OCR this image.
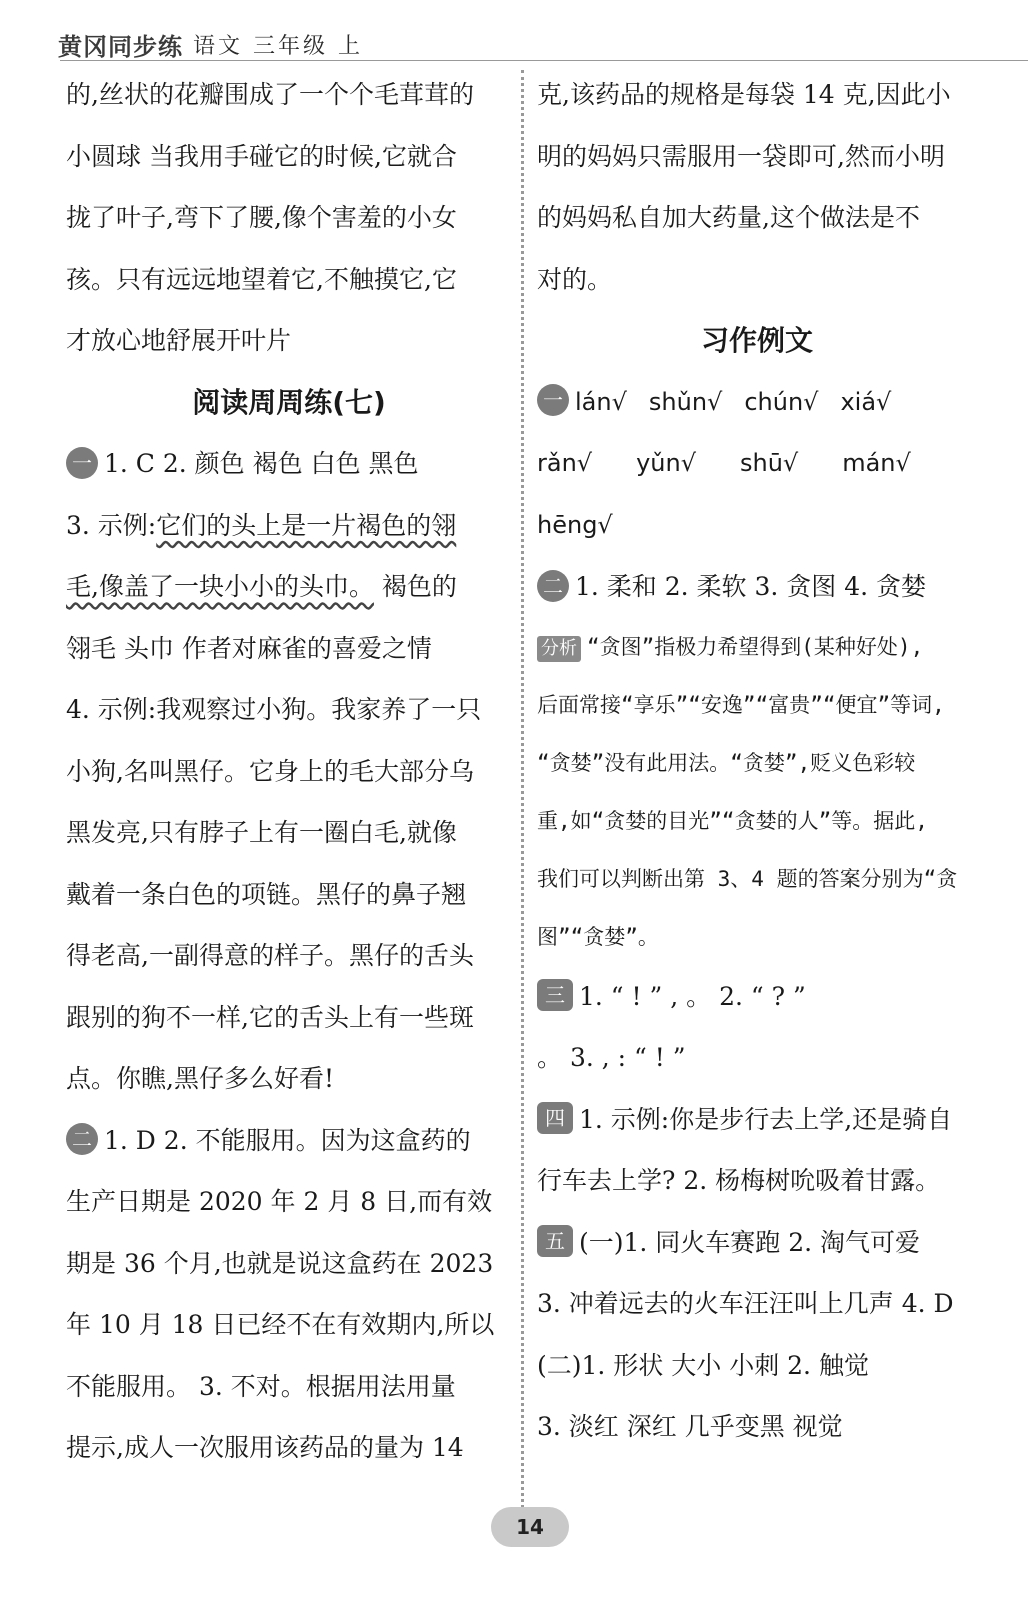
黄冈同步练 语文 三年级 上
的,丝状的花瓣围成了一个个毛茸茸的
小圆球 当我用手碰它的时候,它就合
拢了叶子,弯下了腰,像个害羞的小女
孩。只有远远地望着它,不触摸它,它
才放心地舒展开叶片
阅读周周练(七)
一 1. C 2. 颜色 褐色 白色 黑色
3. 示例:它们的头上是一片褐色的翎
毛,像盖了一块小小的头巾。 褐色的
翎毛 头巾 作者对麻雀的喜爱之情
4. 示例:我观察过小狗。我家养了一只
小狗,名叫黑仔。它身上的毛大部分乌
黑发亮,只有脖子上有一圈白毛,就像
戴着一条白色的项链。黑仔的鼻子翘
得老高,一副得意的样子。黑仔的舌头
跟别的狗不一样,它的舌头上有一些斑
点。你瞧,黑仔多么好看!
二 1. D 2. 不能服用。因为这盒药的
生产日期是 2020 年 2 月 8 日,而有效
期是 36 个月,也就是说这盒药在 2023
年 10 月 18 日已经不在有效期内,所以
不能服用。 3. 不对。根据用法用量
提示,成人一次服用该药品的量为 14
克,该药品的规格是每袋 14 克,因此小
明的妈妈只需服用一袋即可,然而小明
的妈妈私自加大药量,这个做法是不
对的。
习作例文
一 lán√ shǔn√ chún√ xiá√
rǎn√ yǔn√ shū√ mán√
hēng√
二 1. 柔和 2. 柔软 3. 贪图 4. 贪婪
分析 “贪图”指极力希望得到(某种好处),
后面常接“享乐”“安逸”“富贵”“便宜”等词,
“贪婪”没有此用法。“贪婪”,贬义色彩较
重,如“贪婪的目光”“贪婪的人”等。据此,
我们可以判断出第 3、4 题的答案分别为“贪
图”“贪婪”。
三 1. “ ! ” , 。 2. “ ? ”
。 3. , : “ ! ”
四 1. 示例:你是步行去上学,还是骑自
行车去上学? 2. 杨梅树吮吸着甘露。
五 (一)1. 同火车赛跑 2. 淘气可爱
3. 冲着远去的火车汪汪叫上几声 4. D
(二)1. 形状 大小 小刺 2. 触觉
3. 淡红 深红 几乎变黑 视觉
14
